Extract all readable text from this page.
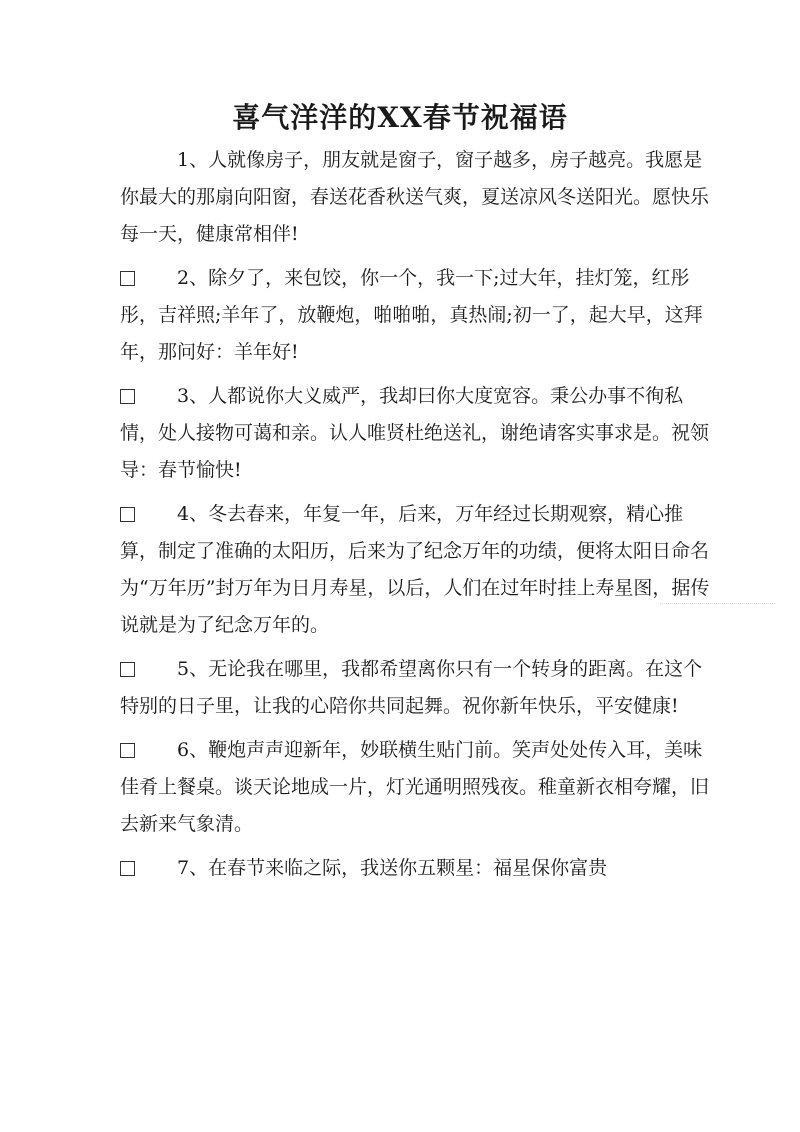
喜气洋洋的XX春节祝福语

1、人就像房子，朋友就是窗子，窗子越多，房子越亮。我愿是你最大的那扇向阳窗，春送花香秋送气爽，夏送凉风冬送阳光。愿快乐每一天，健康常相伴!

2、除夕了，来包饺，你一个，我一下;过大年，挂灯笼，红彤彤，吉祥照;羊年了，放鞭炮，啪啪啪，真热闹;初一了，起大早，这拜年，那问好：羊年好!

3、人都说你大义威严，我却曰你大度宽容。秉公办事不徇私情，处人接物可蔼和亲。认人唯贤杜绝送礼，谢绝请客实事求是。祝领导：春节愉快!

4、冬去春来，年复一年，后来，万年经过长期观察，精心推算，制定了准确的太阳历，后来为了纪念万年的功绩，便将太阳日命名为“万年历”封万年为日月寿星，以后，人们在过年时挂上寿星图，据传说就是为了纪念万年的。

5、无论我在哪里，我都希望离你只有一个转身的距离。在这个特别的日子里，让我的心陪你共同起舞。祝你新年快乐，平安健康!

6、鞭炮声声迎新年，妙联横生贴门前。笑声处处传入耳，美味佳肴上餐桌。谈天论地成一片，灯光通明照残夜。稚童新衣相夸耀，旧去新来气象清。

7、在春节来临之际，我送你五颗星：福星保你富贵
